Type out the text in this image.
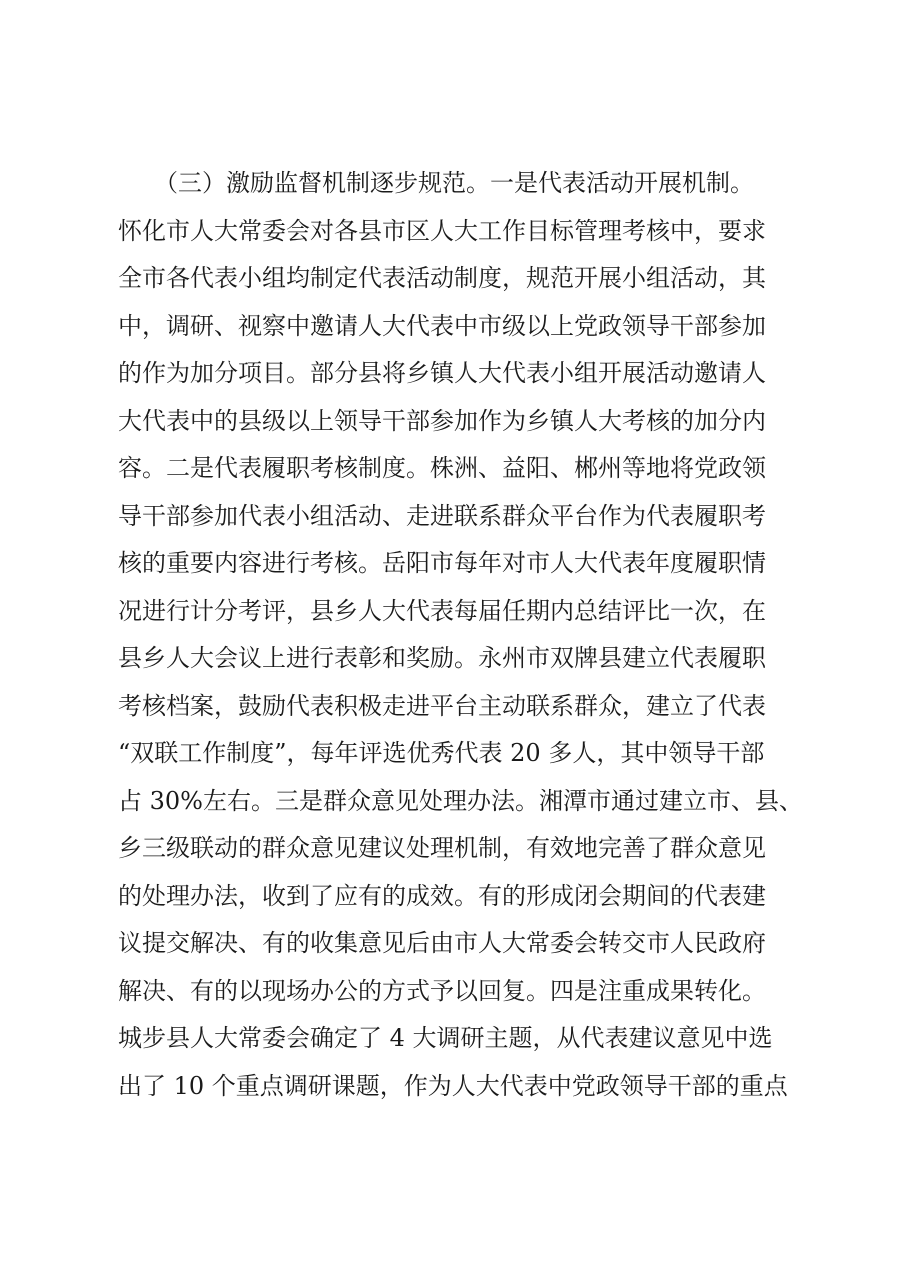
　　（三）激励监督机制逐步规范。一是代表活动开展机制。
怀化市人大常委会对各县市区人大工作目标管理考核中，要求
全市各代表小组均制定代表活动制度，规范开展小组活动，其
中，调研、视察中邀请人大代表中市级以上党政领导干部参加
的作为加分项目。部分县将乡镇人大代表小组开展活动邀请人
大代表中的县级以上领导干部参加作为乡镇人大考核的加分内
容。二是代表履职考核制度。株洲、益阳、郴州等地将党政领
导干部参加代表小组活动、走进联系群众平台作为代表履职考
核的重要内容进行考核。岳阳市每年对市人大代表年度履职情
况进行计分考评，县乡人大代表每届任期内总结评比一次，在
县乡人大会议上进行表彰和奖励。永州市双牌县建立代表履职
考核档案，鼓励代表积极走进平台主动联系群众，建立了代表
“双联工作制度”，每年评选优秀代表 20 多人，其中领导干部
占 30%左右。三是群众意见处理办法。湘潭市通过建立市、县、
乡三级联动的群众意见建议处理机制，有效地完善了群众意见
的处理办法，收到了应有的成效。有的形成闭会期间的代表建
议提交解决、有的收集意见后由市人大常委会转交市人民政府
解决、有的以现场办公的方式予以回复。四是注重成果转化。
城步县人大常委会确定了 4 大调研主题，从代表建议意见中选
出了 10 个重点调研课题，作为人大代表中党政领导干部的重点
